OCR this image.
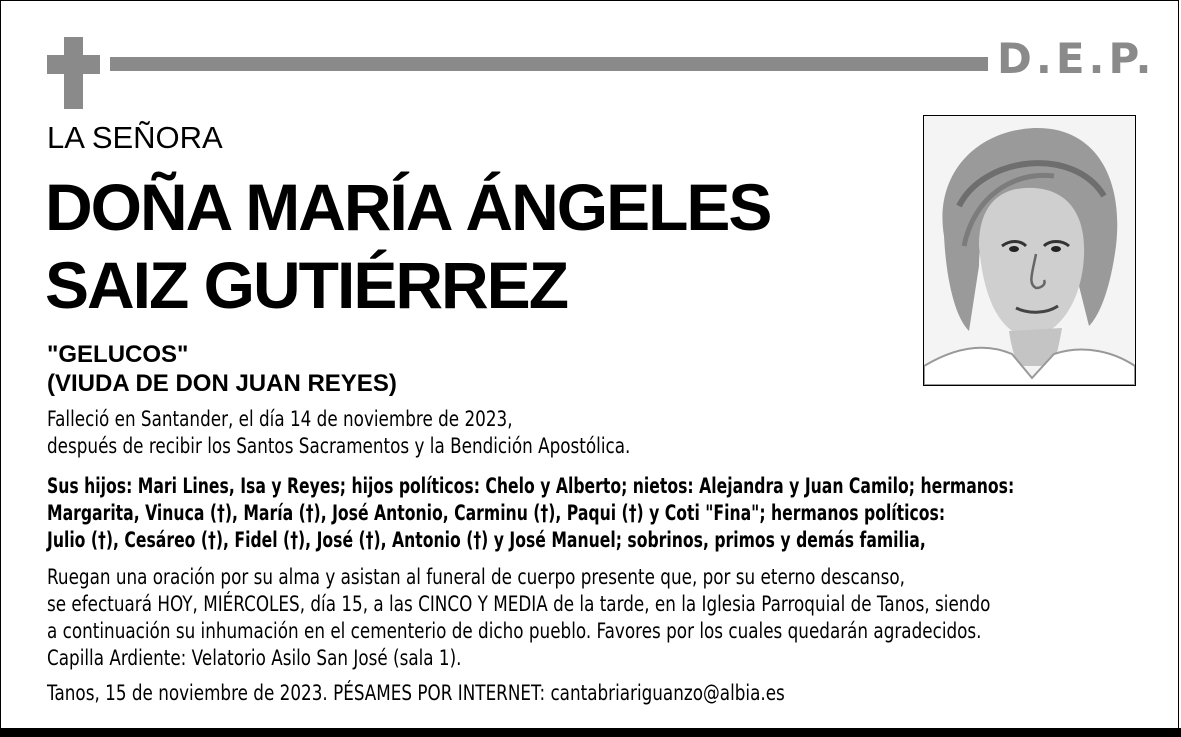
D.E.P.
LA SEÑORA
DOÑA MARÍA ÁNGELES
SAIZ GUTIÉRREZ
"GELUCOS"
(VIUDA DE DON JUAN REYES)
Falleció en Santander, el día 14 de noviembre de 2023,
después de recibir los Santos Sacramentos y la Bendición Apostólica.
Sus hijos: Mari Lines, Isa y Reyes; hijos políticos: Chelo y Alberto; nietos: Alejandra y Juan Camilo; hermanos:
Margarita, Vinuca (†), María (†), José Antonio, Carminu (†), Paqui (†) y Coti "Fina"; hermanos políticos:
Julio (†), Cesáreo (†), Fidel (†), José (†), Antonio (†) y José Manuel; sobrinos, primos y demás familia,
Ruegan una oración por su alma y asistan al funeral de cuerpo presente que, por su eterno descanso,
se efectuará HOY, MIÉRCOLES, día 15, a las CINCO Y MEDIA de la tarde, en la Iglesia Parroquial de Tanos, siendo
a continuación su inhumación en el cementerio de dicho pueblo. Favores por los cuales quedarán agradecidos.
Capilla Ardiente: Velatorio Asilo San José (sala 1).
Tanos, 15 de noviembre de 2023. PÉSAMES POR INTERNET: cantabriariguanzo@albia.es
